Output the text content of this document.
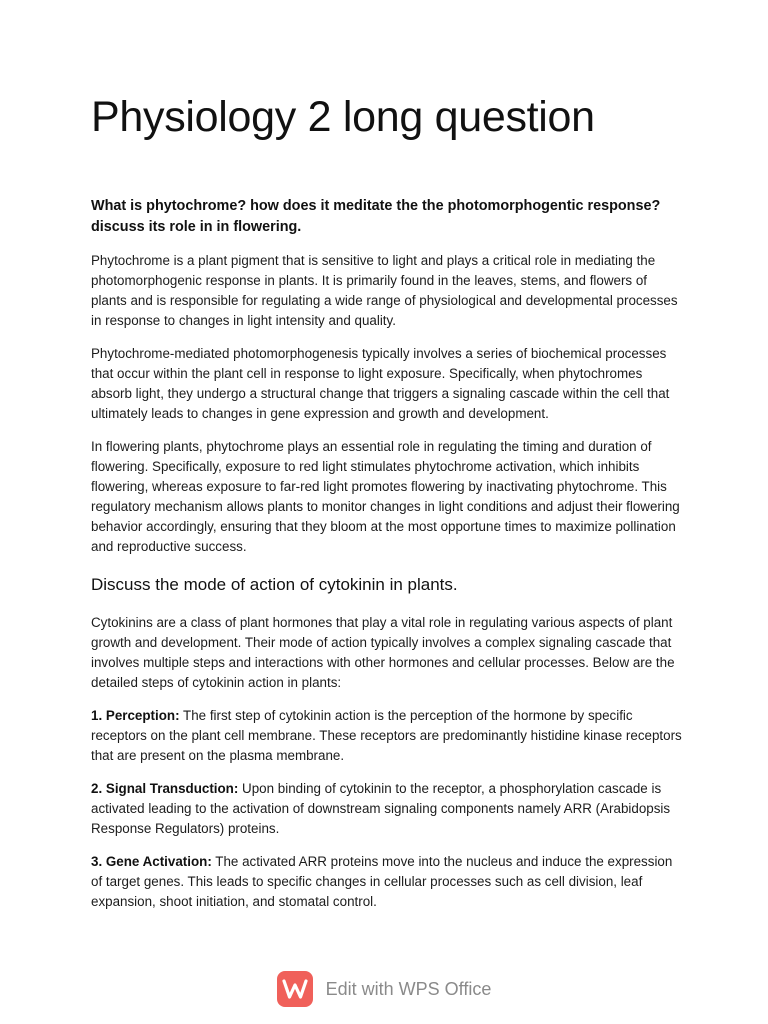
Physiology 2 long question
What is phytochrome? how does it meditate the the photomorphogentic response? discuss its role in in flowering.

Phytochrome is a plant pigment that is sensitive to light and plays a critical role in mediating the photomorphogenic response in plants. It is primarily found in the leaves, stems, and flowers of plants and is responsible for regulating a wide range of physiological and developmental processes in response to changes in light intensity and quality.

Phytochrome-mediated photomorphogenesis typically involves a series of biochemical processes that occur within the plant cell in response to light exposure. Specifically, when phytochromes absorb light, they undergo a structural change that triggers a signaling cascade within the cell that ultimately leads to changes in gene expression and growth and development.

In flowering plants, phytochrome plays an essential role in regulating the timing and duration of flowering. Specifically, exposure to red light stimulates phytochrome activation, which inhibits flowering, whereas exposure to far-red light promotes flowering by inactivating phytochrome. This regulatory mechanism allows plants to monitor changes in light conditions and adjust their flowering behavior accordingly, ensuring that they bloom at the most opportune times to maximize pollination and reproductive success.

Discuss the mode of action of cytokinin in plants.

Cytokinins are a class of plant hormones that play a vital role in regulating various aspects of plant growth and development. Their mode of action typically involves a complex signaling cascade that involves multiple steps and interactions with other hormones and cellular processes. Below are the detailed steps of cytokinin action in plants:

1. Perception: The first step of cytokinin action is the perception of the hormone by specific receptors on the plant cell membrane. These receptors are predominantly histidine kinase receptors that are present on the plasma membrane.

2. Signal Transduction: Upon binding of cytokinin to the receptor, a phosphorylation cascade is activated leading to the activation of downstream signaling components namely ARR (Arabidopsis Response Regulators) proteins.

3. Gene Activation: The activated ARR proteins move into the nucleus and induce the expression of target genes. This leads to specific changes in cellular processes such as cell division, leaf expansion, shoot initiation, and stomatal control.

Edit with WPS Office
